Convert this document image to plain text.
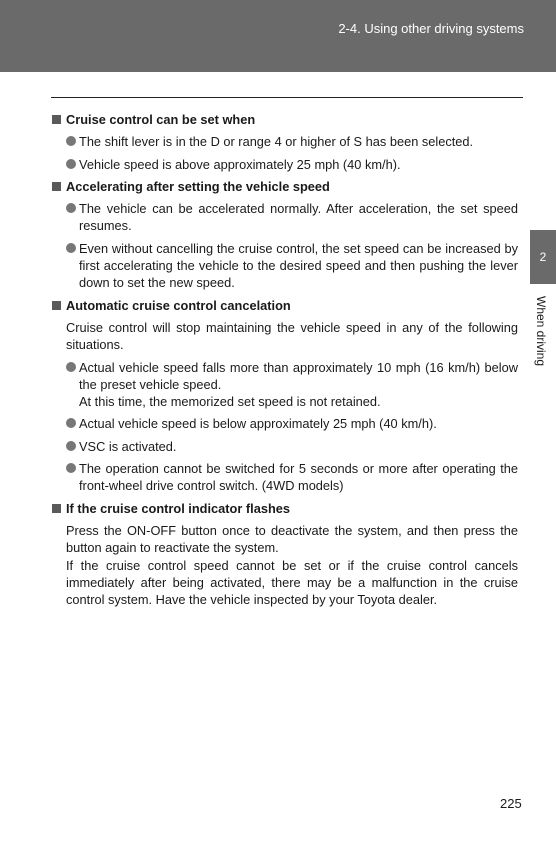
2-4. Using other driving systems
2
When driving
Cruise control can be set when
The shift lever is in the D or range 4 or higher of S has been selected.
Vehicle speed is above approximately 25 mph (40 km/h).
Accelerating after setting the vehicle speed
The vehicle can be accelerated normally. After acceleration, the set speed resumes.
Even without cancelling the cruise control, the set speed can be increased by first accelerating the vehicle to the desired speed and then pushing the lever down to set the new speed.
Automatic cruise control cancelation
Cruise control will stop maintaining the vehicle speed in any of the following situations.
Actual vehicle speed falls more than approximately 10 mph (16 km/h) below the preset vehicle speed.
At this time, the memorized set speed is not retained.
Actual vehicle speed is below approximately 25 mph (40 km/h).
VSC is activated.
The operation cannot be switched for 5 seconds or more after operating the front-wheel drive control switch. (4WD models)
If the cruise control indicator flashes
Press the ON-OFF button once to deactivate the system, and then press the button again to reactivate the system.
If the cruise control speed cannot be set or if the cruise control cancels immediately after being activated, there may be a malfunction in the cruise control system. Have the vehicle inspected by your Toyota dealer.
225
